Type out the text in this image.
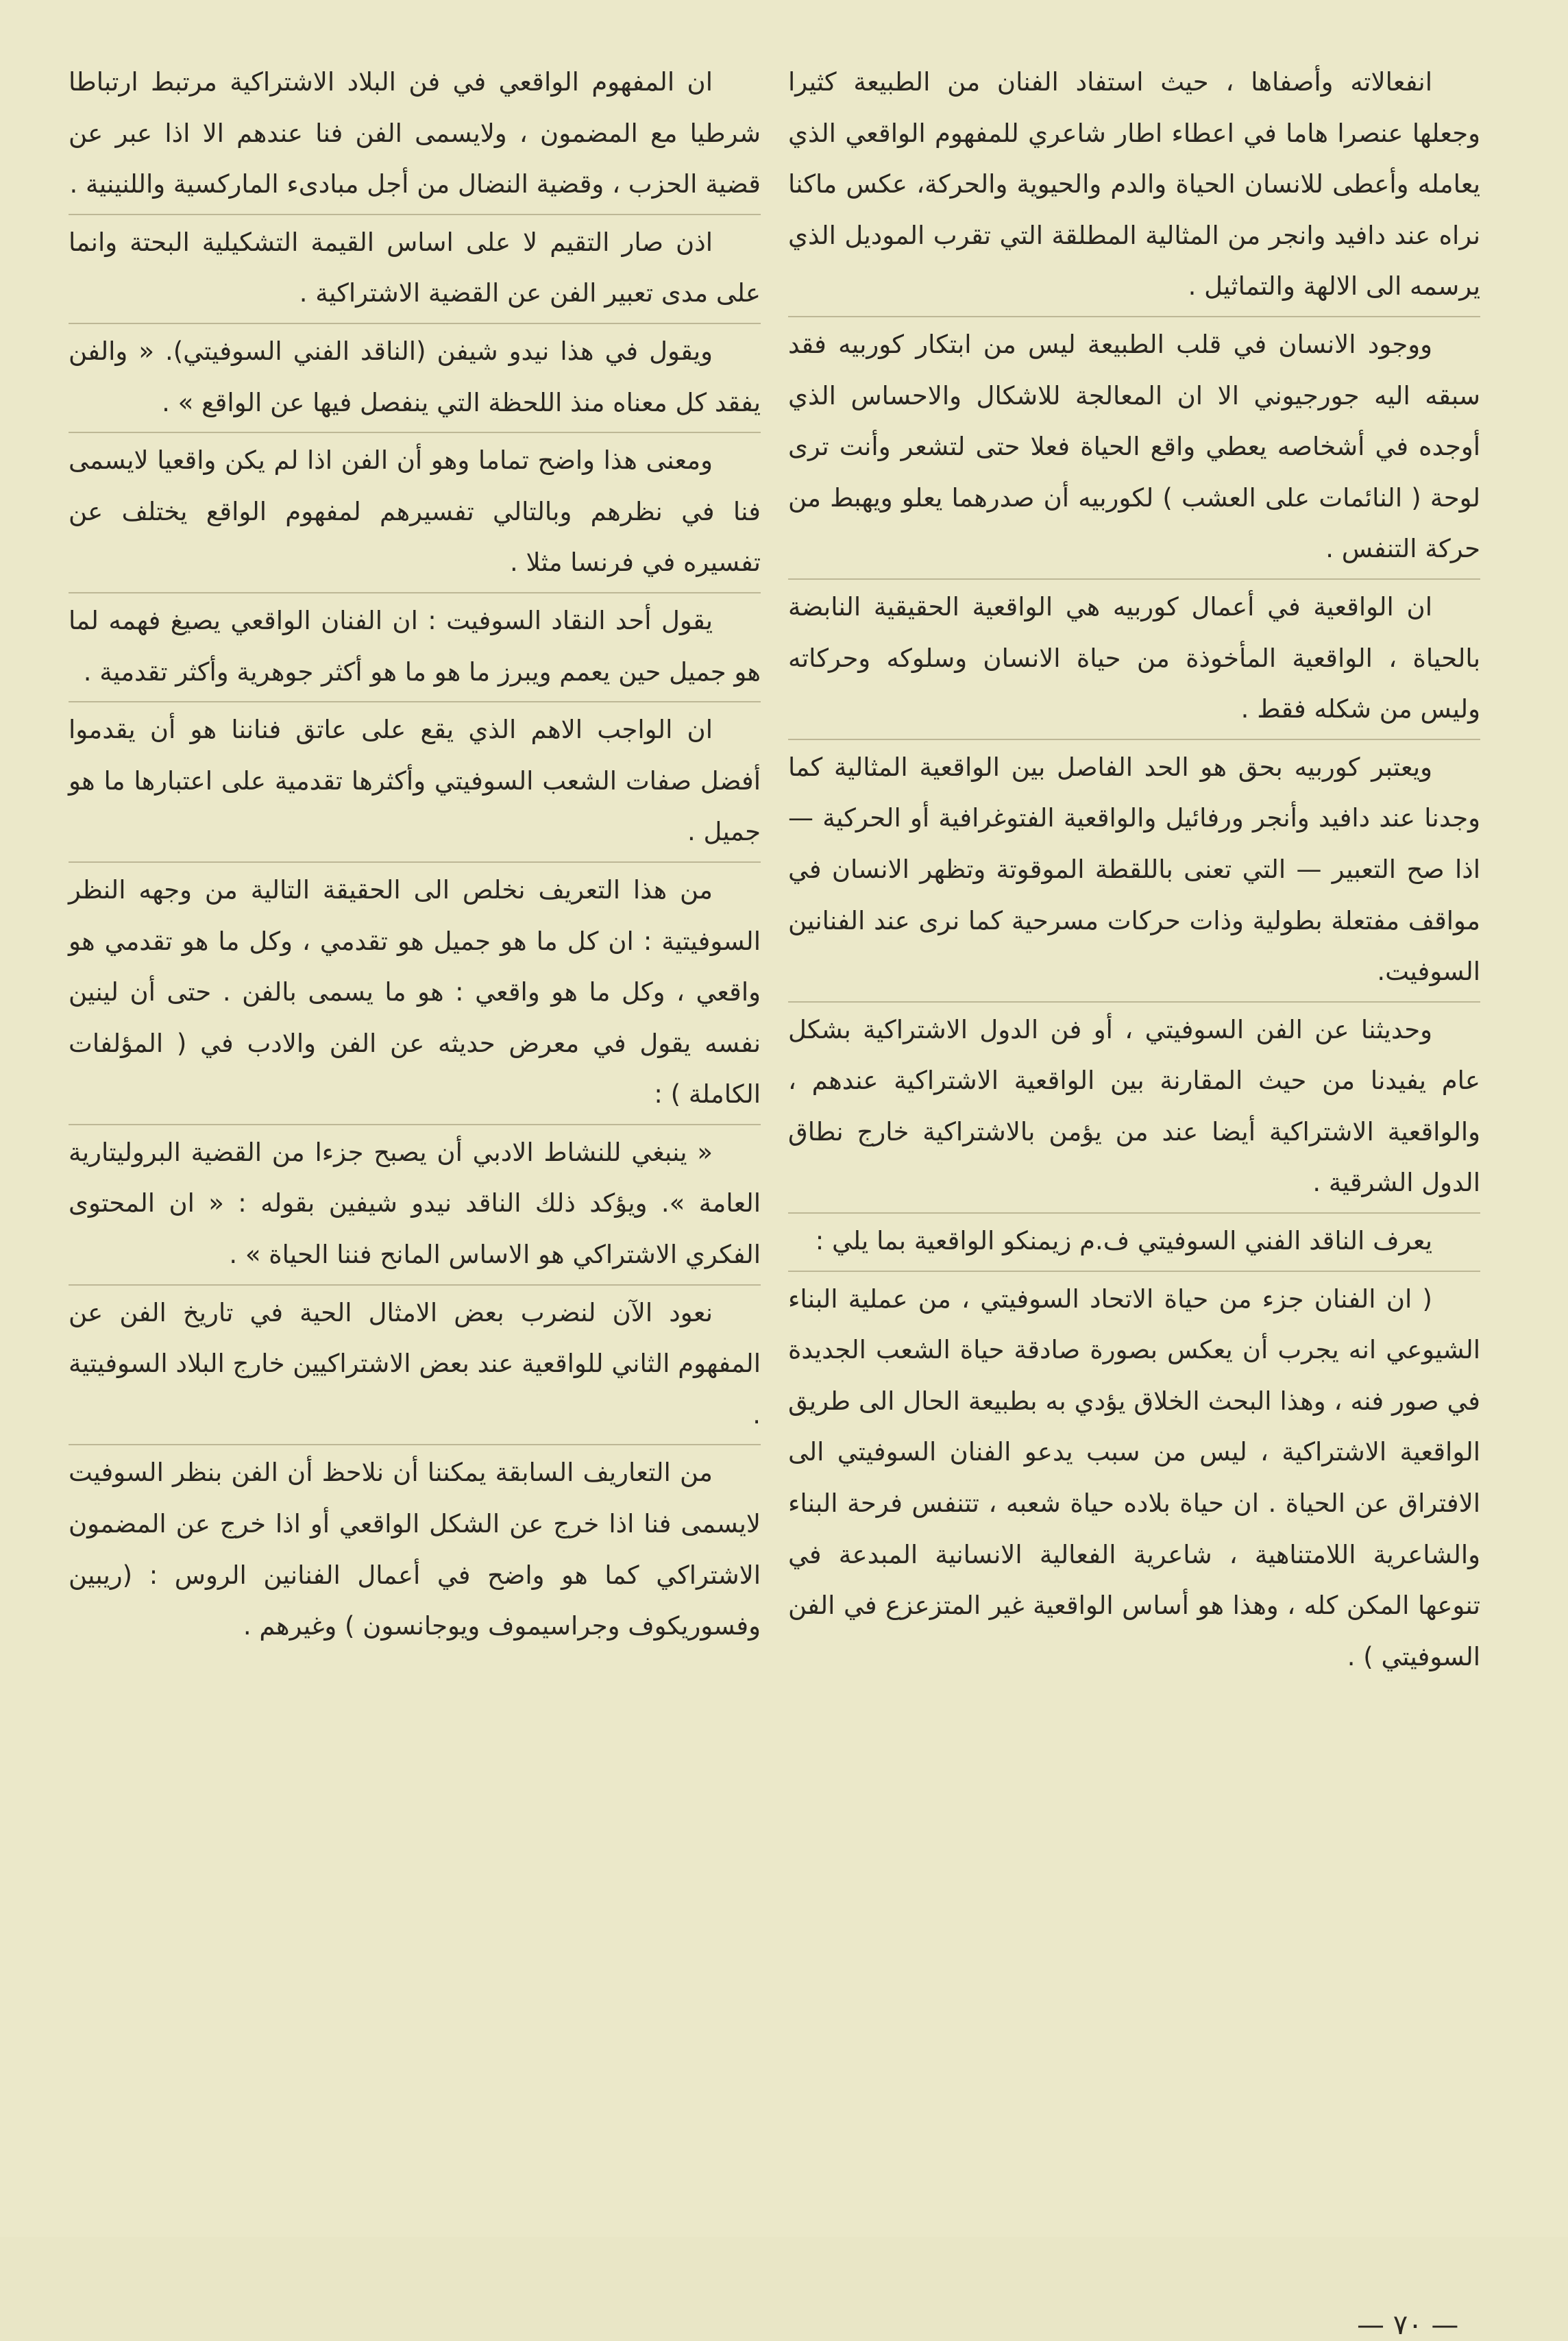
انفعالاته وأصفاها ، حيث استفاد الفنان من الطبيعة كثيرا وجعلها عنصرا هاما في اعطاء اطار شاعري للمفهوم الواقعي الذي يعامله وأعطى للانسان الحياة والدم والحيوية والحركة، عكس ماكنا نراه عند دافيد وانجر من المثالية المطلقة التي تقرب الموديل الذي يرسمه الى الالهة والتماثيل .

ووجود الانسان في قلب الطبيعة ليس من ابتكار كوربيه فقد سبقه اليه جورجيوني الا ان المعالجة للاشكال والاحساس الذي أوجده في أشخاصه يعطي واقع الحياة فعلا حتى لتشعر وأنت ترى لوحة ( النائمات على العشب ) لكوربيه أن صدرهما يعلو ويهبط من حركة التنفس .

ان الواقعية في أعمال كوربيه هي الواقعية الحقيقية النابضة بالحياة ، الواقعية المأخوذة من حياة الانسان وسلوكه وحركاته وليس من شكله فقط .

ويعتبر كوربيه بحق هو الحد الفاصل بين الواقعية المثالية كما وجدنا عند دافيد وأنجر ورفائيل والواقعية الفتوغرافية أو الحركية — اذا صح التعبير — التي تعنى باللقطة الموقوتة وتظهر الانسان في مواقف مفتعلة بطولية وذات حركات مسرحية كما نرى عند الفنانين السوفيت.

وحديثنا عن الفن السوفيتي ، أو فن الدول الاشتراكية بشكل عام يفيدنا من حيث المقارنة بين الواقعية الاشتراكية عندهم ، والواقعية الاشتراكية أيضا عند من يؤمن بالاشتراكية خارج نطاق الدول الشرقية .

يعرف الناقد الفني السوفيتي ف.م زيمنكو الواقعية بما يلي :

( ان الفنان جزء من حياة الاتحاد السوفيتي ، من عملية البناء الشيوعي انه يجرب أن يعكس بصورة صادقة حياة الشعب الجديدة في صور فنه ، وهذا البحث الخلاق يؤدي به بطبيعة الحال الى طريق الواقعية الاشتراكية ، ليس من سبب يدعو الفنان السوفيتي الى الافتراق عن الحياة . ان حياة بلاده حياة شعبه ، تتنفس فرحة البناء والشاعرية اللامتناهية ، شاعرية الفعالية الانسانية المبدعة في تنوعها المكن كله ، وهذا هو أساس الواقعية غير المتزعزع في الفن السوفيتي ) .

ان المفهوم الواقعي في فن البلاد الاشتراكية مرتبط ارتباطا شرطيا مع المضمون ، ولايسمى الفن فنا عندهم الا اذا عبر عن قضية الحزب ، وقضية النضال من أجل مبادىء الماركسية واللنينية .

اذن صار التقيم لا على اساس القيمة التشكيلية البحتة وانما على مدى تعبير الفن عن القضية الاشتراكية .

ويقول في هذا نيدو شيفن (الناقد الفني السوفيتي). « والفن يفقد كل معناه منذ اللحظة التي ينفصل فيها عن الواقع » .

ومعنى هذا واضح تماما وهو أن الفن اذا لم يكن واقعيا لايسمى فنا في نظرهم وبالتالي تفسيرهم لمفهوم الواقع يختلف عن تفسيره في فرنسا مثلا .

يقول أحد النقاد السوفيت : ان الفنان الواقعي يصيغ فهمه لما هو جميل حين يعمم ويبرز ما هو ما هو أكثر جوهرية وأكثر تقدمية .

ان الواجب الاهم الذي يقع على عاتق فناننا هو أن يقدموا أفضل صفات الشعب السوفيتي وأكثرها تقدمية على اعتبارها ما هو جميل .

من هذا التعريف نخلص الى الحقيقة التالية من وجهه النظر السوفيتية : ان كل ما هو جميل هو تقدمي ، وكل ما هو تقدمي هو واقعي ، وكل ما هو واقعي : هو ما يسمى بالفن . حتى أن لينين نفسه يقول في معرض حديثه عن الفن والادب في ( المؤلفات الكاملة ) :

« ينبغي للنشاط الادبي أن يصبح جزءا من القضية البروليتارية العامة ». ويؤكد ذلك الناقد نيدو شيفين بقوله : « ان المحتوى الفكري الاشتراكي هو الاساس المانح فننا الحياة » .

نعود الآن لنضرب بعض الامثال الحية في تاريخ الفن عن المفهوم الثاني للواقعية عند بعض الاشتراكيين خارج البلاد السوفيتية .

من التعاريف السابقة يمكننا أن نلاحظ أن الفن بنظر السوفيت لايسمى فنا اذا خرج عن الشكل الواقعي أو اذا خرج عن المضمون الاشتراكي كما هو واضح في أعمال الفنانين الروس : (ريبين وفسوريكوف وجراسيموف ويوجانسون ) وغيرهم .

— ٧٠ —
